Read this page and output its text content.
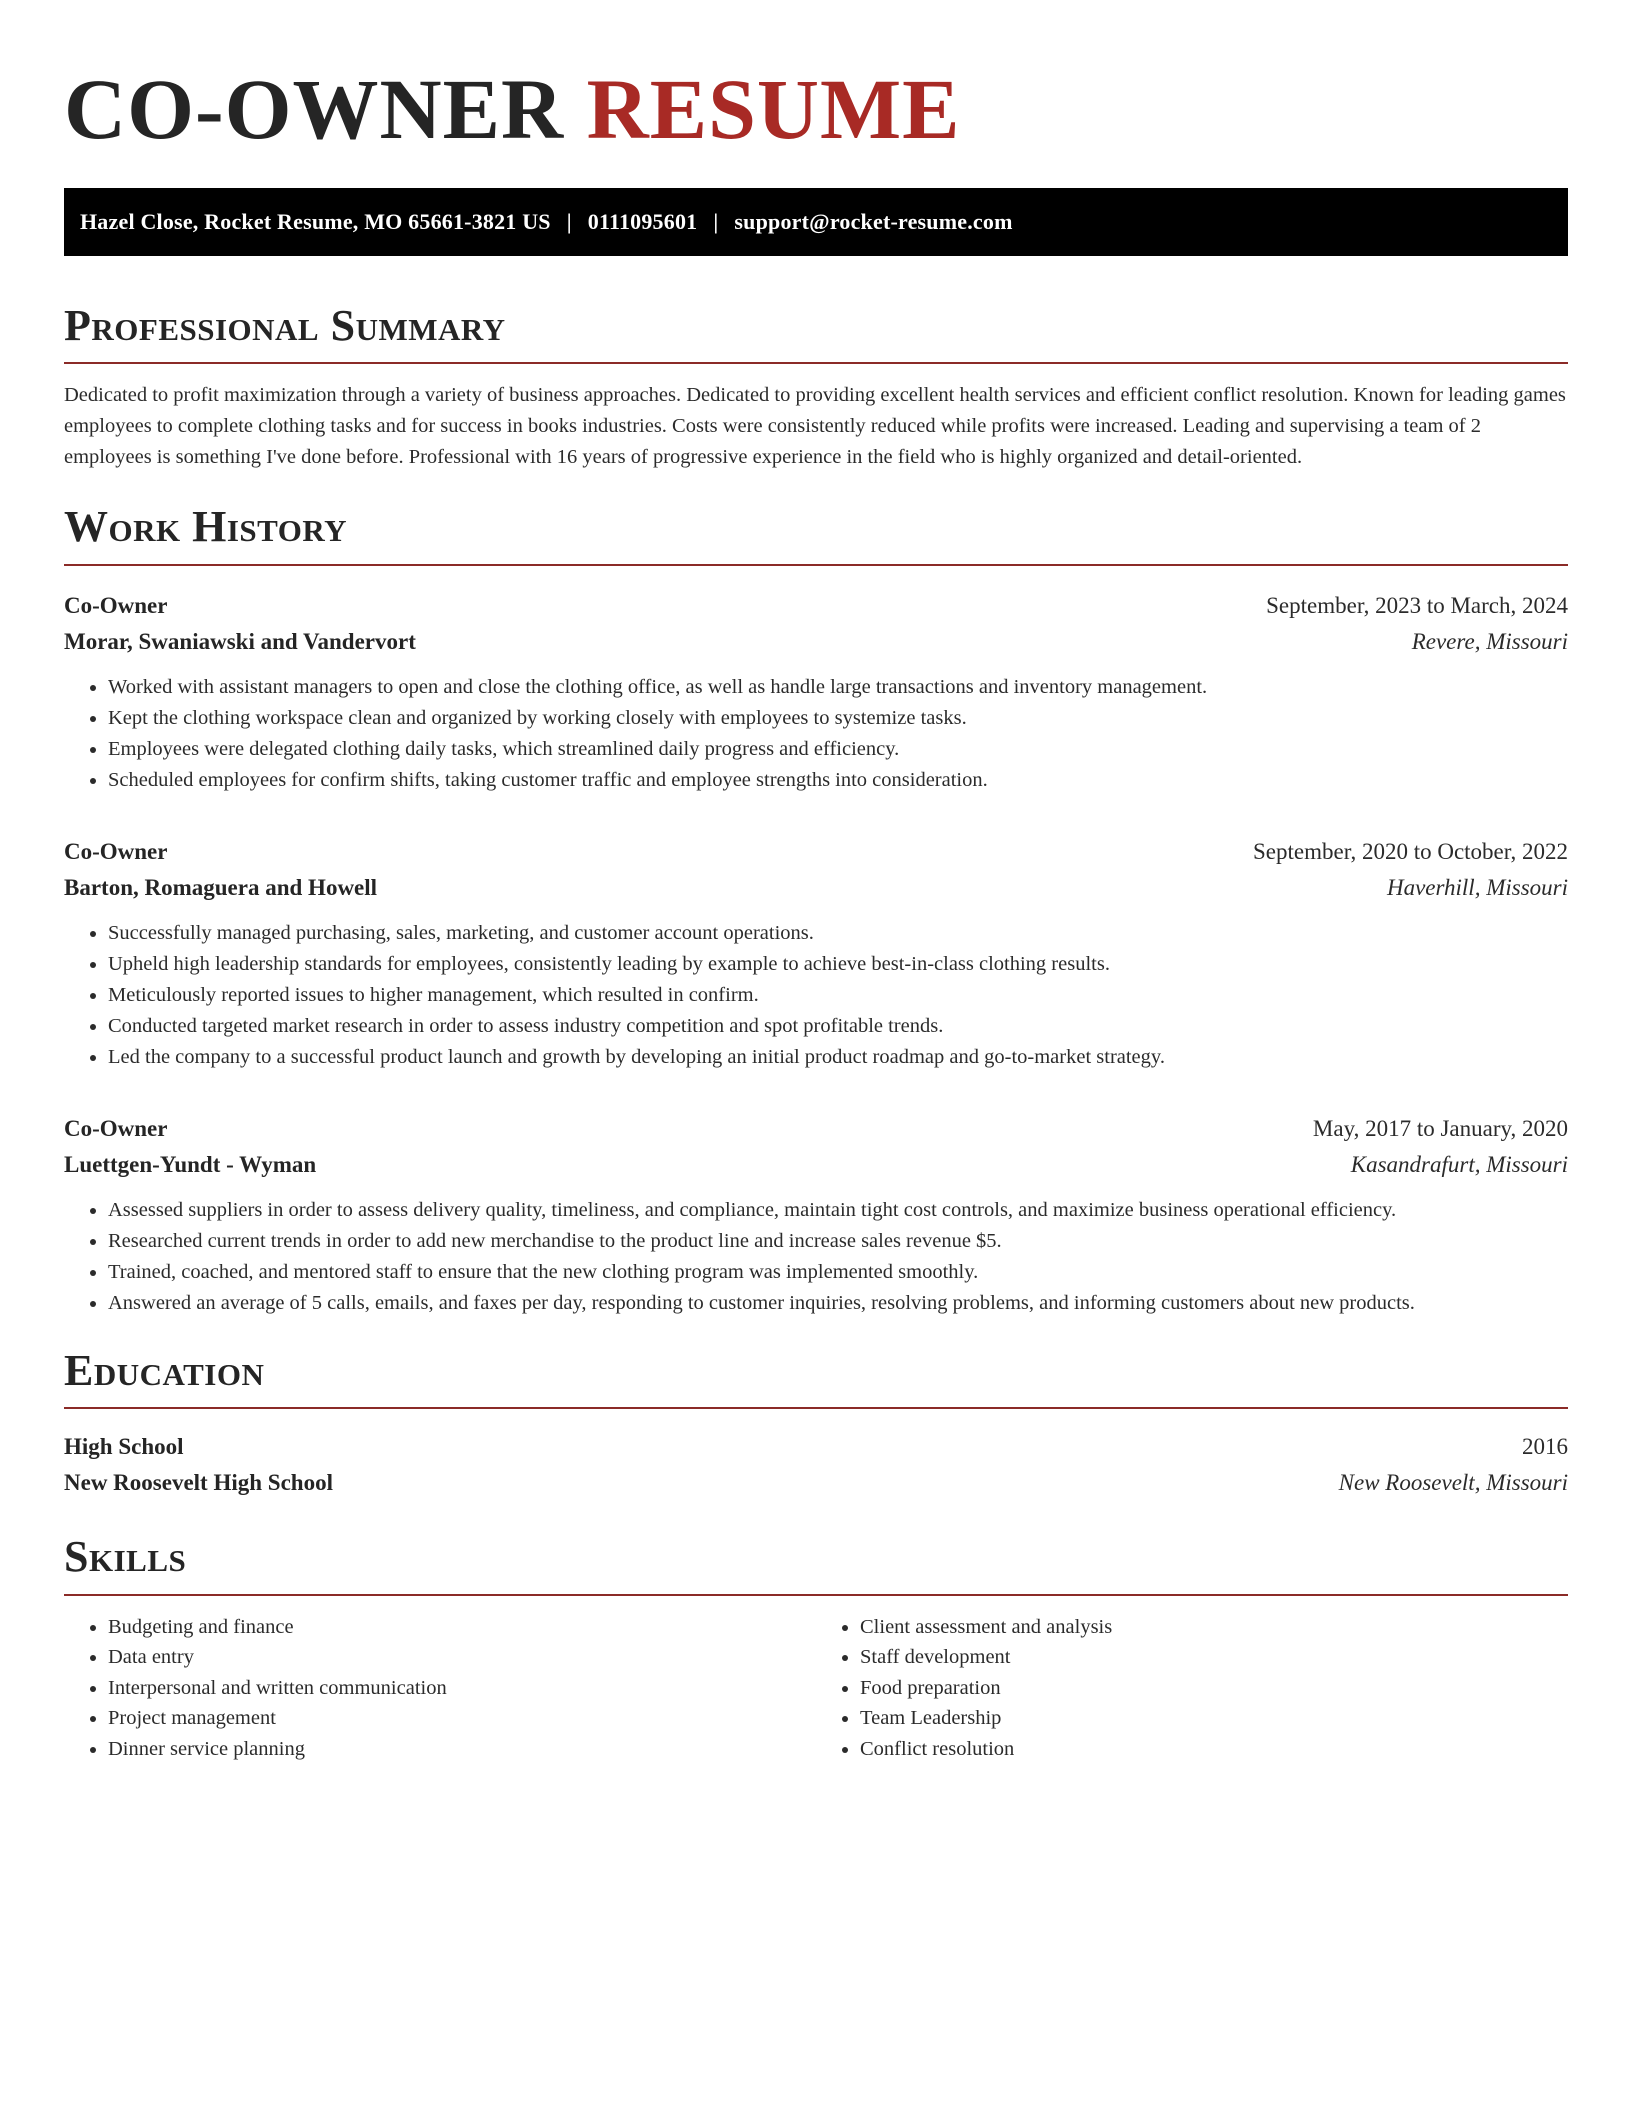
CO-OWNER RESUME
Hazel Close, Rocket Resume, MO 65661-3821 US | 0111095601 | support@rocket-resume.com
Professional Summary

Dedicated to profit maximization through a variety of business approaches. Dedicated to providing excellent health services and efficient conflict resolution. Known for leading games employees to complete clothing tasks and for success in books industries. Costs were consistently reduced while profits were increased. Leading and supervising a team of 2 employees is something I've done before. Professional with 16 years of progressive experience in the field who is highly organized and detail-oriented.

Work History
Co-Owner	September, 2023 to March, 2024
Morar, Swaniawski and Vandervort	Revere, Missouri
• Worked with assistant managers to open and close the clothing office, as well as handle large transactions and inventory management.
• Kept the clothing workspace clean and organized by working closely with employees to systemize tasks.
• Employees were delegated clothing daily tasks, which streamlined daily progress and efficiency.
• Scheduled employees for confirm shifts, taking customer traffic and employee strengths into consideration.
Co-Owner	September, 2020 to October, 2022
Barton, Romaguera and Howell	Haverhill, Missouri
• Successfully managed purchasing, sales, marketing, and customer account operations.
• Upheld high leadership standards for employees, consistently leading by example to achieve best-in-class clothing results.
• Meticulously reported issues to higher management, which resulted in confirm.
• Conducted targeted market research in order to assess industry competition and spot profitable trends.
• Led the company to a successful product launch and growth by developing an initial product roadmap and go-to-market strategy.
Co-Owner	May, 2017 to January, 2020
Luettgen-Yundt - Wyman	Kasandrafurt, Missouri
• Assessed suppliers in order to assess delivery quality, timeliness, and compliance, maintain tight cost controls, and maximize business operational efficiency.
• Researched current trends in order to add new merchandise to the product line and increase sales revenue $5.
• Trained, coached, and mentored staff to ensure that the new clothing program was implemented smoothly.
• Answered an average of 5 calls, emails, and faxes per day, responding to customer inquiries, resolving problems, and informing customers about new products.
Education
High School	2016
New Roosevelt High School	New Roosevelt, Missouri
Skills
• Budgeting and finance
• Data entry
• Interpersonal and written communication
• Project management
• Dinner service planning
• Client assessment and analysis
• Staff development
• Food preparation
• Team Leadership
• Conflict resolution
